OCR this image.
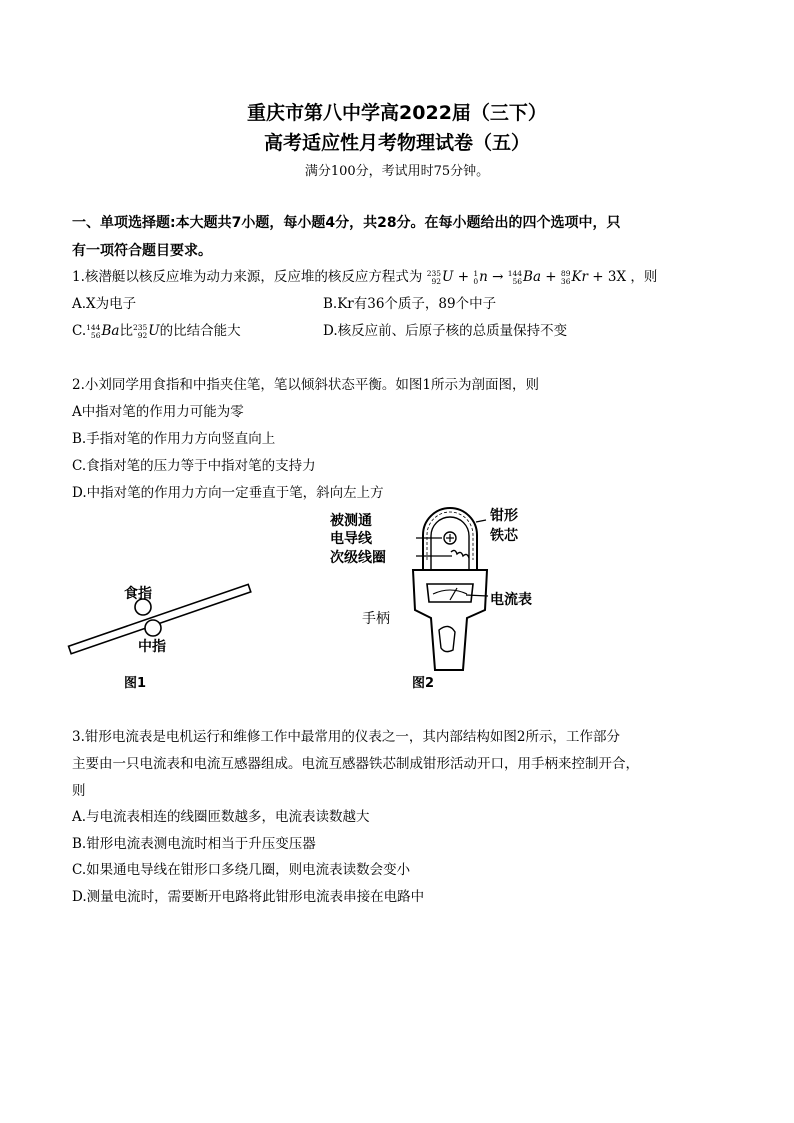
重庆市第八中学高2022届（三下）
高考适应性月考物理试卷（五）
满分100分，考试用时75分钟。
一、单项选择题:本大题共7小题，每小题4分，共28分。在每小题给出的四个选项中，只
有一项符合题目要求。
1.核潜艇以核反应堆为动力来源，反应堆的核反应方程式为 235
92 U + 1
0 n → 144
56 Ba + 89
36 Kr + 3X ，则
A.X为电子	B.Kr有36个质子，89个中子
C. 144
56 Ba比 235
92 U的比结合能大	D.核反应前、后原子核的总质量保持不变
2.小刘同学用食指和中指夹住笔，笔以倾斜状态平衡。如图1所示为剖面图，则
A中指对笔的作用力可能为零
B.手指对笔的作用力方向竖直向上
C.食指对笔的压力等于中指对笔的支持力
D.中指对笔的作用力方向一定垂直于笔，斜向左上方
食指
中指
图1
被测通
电导线
次级线圈
钳形
铁芯
电流表
手柄
图2
3.钳形电流表是电机运行和维修工作中最常用的仪表之一，其内部结构如图2所示，工作部分
主要由一只电流表和电流互感器组成。电流互感器铁芯制成钳形活动开口，用手柄来控制开合，
则
A.与电流表相连的线圈匝数越多，电流表读数越大
B.钳形电流表测电流时相当于升压变压器
C.如果通电导线在钳形口多绕几圈，则电流表读数会变小
D.测量电流时，需要断开电路将此钳形电流表串接在电路中
